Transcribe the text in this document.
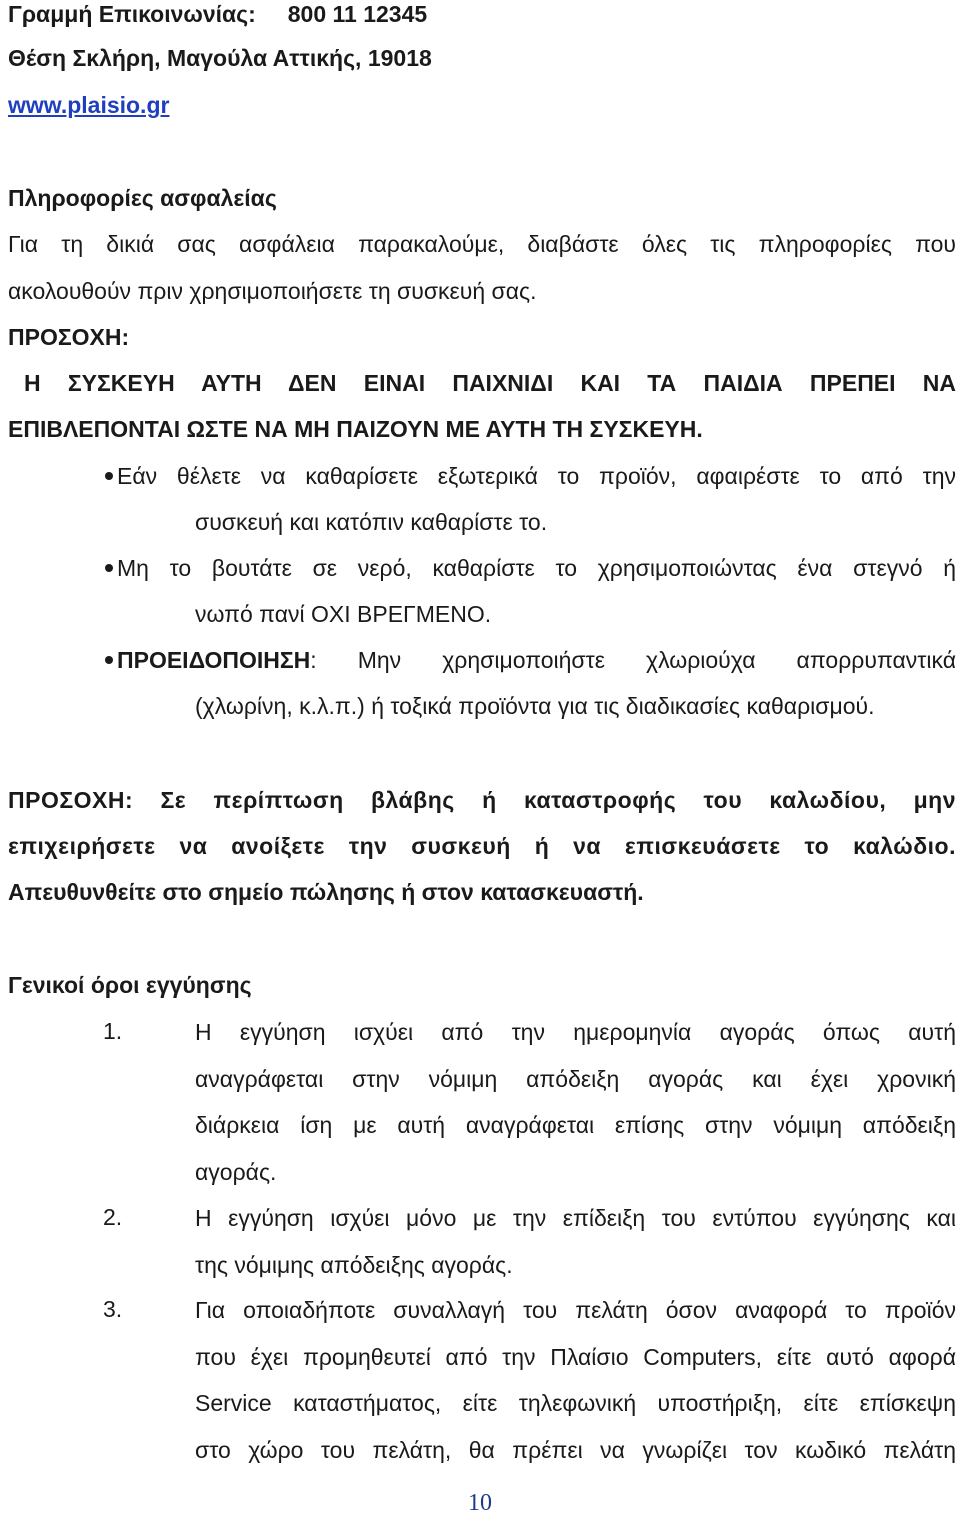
Γραμμή Επικοινωνίας: 800 11 12345
Θέση Σκλήρη, Μαγούλα Αττικής, 19018
www.plaisio.gr
Πληροφορίες ασφαλείας
Για τη δικιά σας ασφάλεια παρακαλούμε, διαβάστε όλες τις πληροφορίες που
ακολουθούν πριν χρησιμοποιήσετε τη συσκευή σας.
ΠΡΟΣΟΧΗ:
Η ΣΥΣΚΕΥΗ ΑΥΤΗ ΔΕΝ ΕΙΝΑΙ ΠΑΙΧΝΙΔΙ ΚΑΙ ΤΑ ΠΑΙΔΙΑ ΠΡΕΠΕΙ ΝΑ
ΕΠΙΒΛΕΠΟΝΤΑΙ ΩΣΤΕ ΝΑ ΜΗ ΠΑΙΖΟΥΝ ΜΕ ΑΥΤΗ ΤΗ ΣΥΣΚΕΥΗ.
Εάν θέλετε να καθαρίσετε εξωτερικά το προϊόν, αφαιρέστε το από την
συσκευή και κατόπιν καθαρίστε το.
Μη το βουτάτε σε νερό, καθαρίστε το χρησιμοποιώντας ένα στεγνό ή
νωπό πανί ΟΧΙ ΒΡΕΓΜΕΝΟ.
ΠΡΟΕΙΔΟΠΟΙΗΣΗ: Μην χρησιμοποιήστε χλωριούχα απορρυπαντικά
(χλωρίνη, κ.λ.π.) ή τοξικά προϊόντα για τις διαδικασίες καθαρισμού.
ΠΡΟΣΟΧΗ: Σε περίπτωση βλάβης ή καταστροφής του καλωδίου, μην
επιχειρήσετε να ανοίξετε την συσκευή ή να επισκευάσετε το καλώδιο.
Απευθυνθείτε στο σημείο πώλησης ή στον κατασκευαστή.
Γενικοί όροι εγγύησης
1.	Η εγγύηση ισχύει από την ημερομηνία αγοράς όπως αυτή
αναγράφεται στην νόμιμη απόδειξη αγοράς και έχει χρονική
διάρκεια ίση με αυτή αναγράφεται επίσης στην νόμιμη απόδειξη
αγοράς.
2.	Η εγγύηση ισχύει μόνο με την επίδειξη του εντύπου εγγύησης και
της νόμιμης απόδειξης αγοράς.
3.	Για οποιαδήποτε συναλλαγή του πελάτη όσον αναφορά το προϊόν
που έχει προμηθευτεί από την Πλαίσιο Computers, είτε αυτό αφορά
Service καταστήματος, είτε τηλεφωνική υποστήριξη, είτε επίσκεψη
στο χώρο του πελάτη, θα πρέπει να γνωρίζει τον κωδικό πελάτη
10
